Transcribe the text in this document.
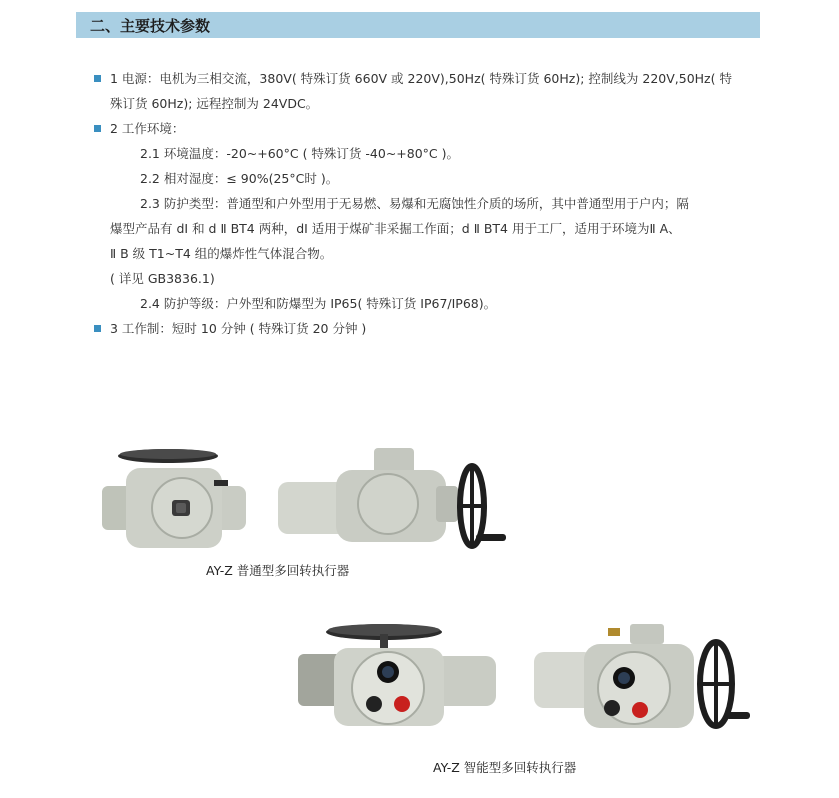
二、主要技术参数
1 电源：电机为三相交流，380V( 特殊订货 660V 或 220V),50Hz( 特殊订货 60Hz); 控制线为 220V,50Hz( 特
殊订货 60Hz); 远程控制为 24VDC。
2 工作环境：
2.1 环境温度：-20~+60°C ( 特殊订货 -40~+80°C )。
2.2 相对湿度：≤ 90%(25°C时 )。
2.3 防护类型：普通型和户外型用于无易燃、易爆和无腐蚀性介质的场所，其中普通型用于户内；隔
爆型产品有 dI 和 d Ⅱ BT4 两种，dI 适用于煤矿非采掘工作面；d Ⅱ BT4 用于工厂，适用于环境为Ⅱ A、
Ⅱ B 级 T1~T4 组的爆炸性气体混合物。
( 详见 GB3836.1)
2.4 防护等级：户外型和防爆型为 IP65( 特殊订货 IP67/IP68)。
3 工作制：短时 10 分钟 ( 特殊订货 20 分钟 )
AY-Z 普通型多回转执行器
AY-Z 智能型多回转执行器
